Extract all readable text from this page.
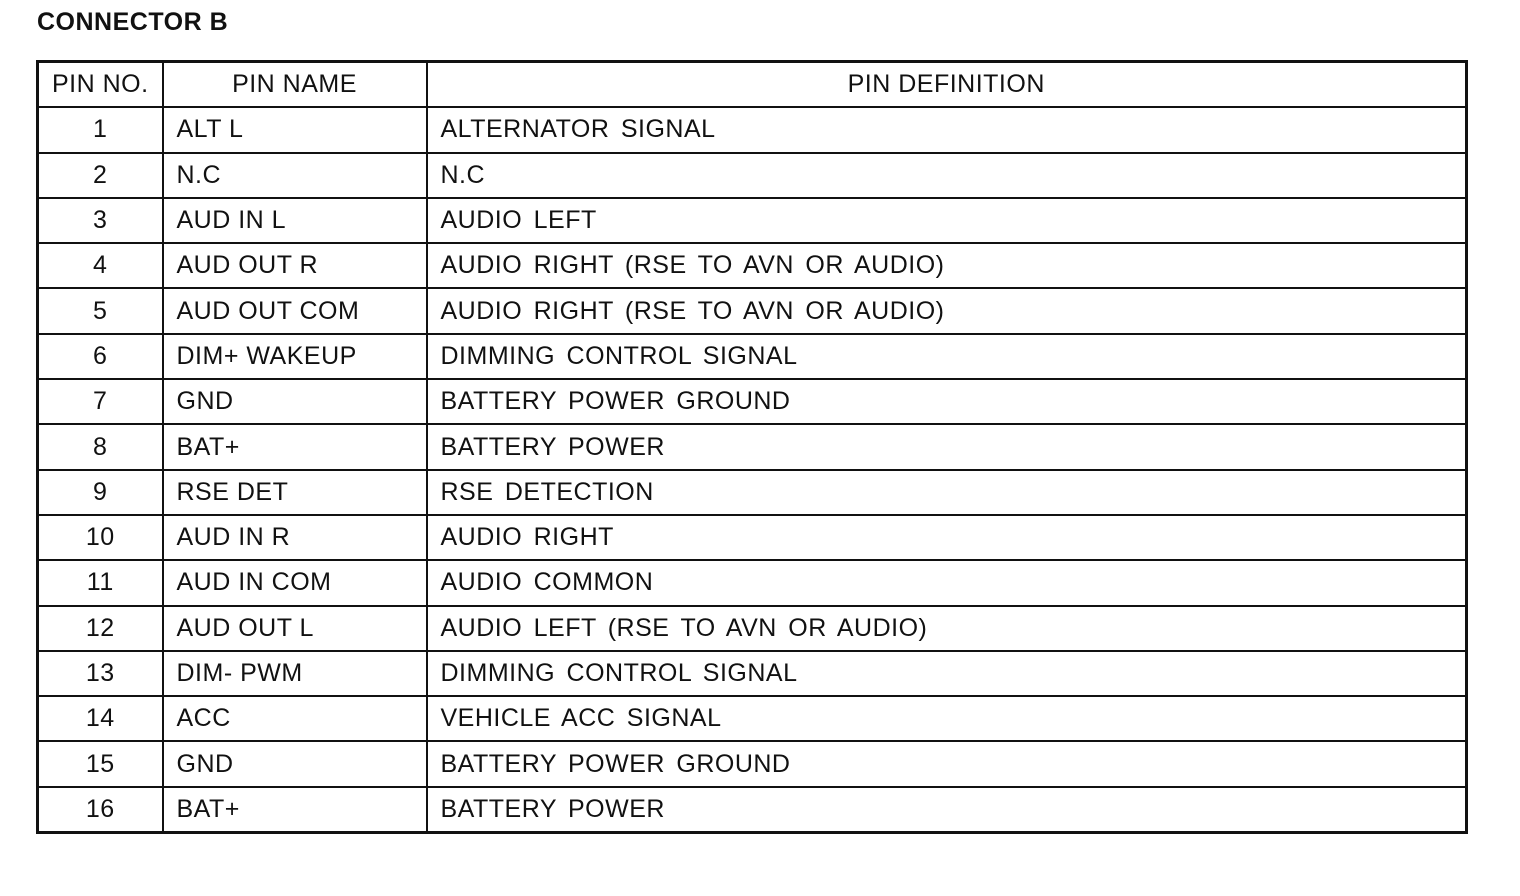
CONNECTOR B
PIN NO.	PIN NAME	PIN DEFINITION
1	ALT L	ALTERNATOR SIGNAL
2	N.C	N.C
3	AUD IN L	AUDIO LEFT
4	AUD OUT R	AUDIO RIGHT (RSE TO AVN OR AUDIO)
5	AUD OUT COM	AUDIO RIGHT (RSE TO AVN OR AUDIO)
6	DIM+ WAKEUP	DIMMING CONTROL SIGNAL
7	GND	BATTERY POWER GROUND
8	BAT+	BATTERY POWER
9	RSE DET	RSE DETECTION
10	AUD IN R	AUDIO RIGHT
11	AUD IN COM	AUDIO COMMON
12	AUD OUT L	AUDIO LEFT (RSE TO AVN OR AUDIO)
13	DIM- PWM	DIMMING CONTROL SIGNAL
14	ACC	VEHICLE ACC SIGNAL
15	GND	BATTERY POWER GROUND
16	BAT+	BATTERY POWER
